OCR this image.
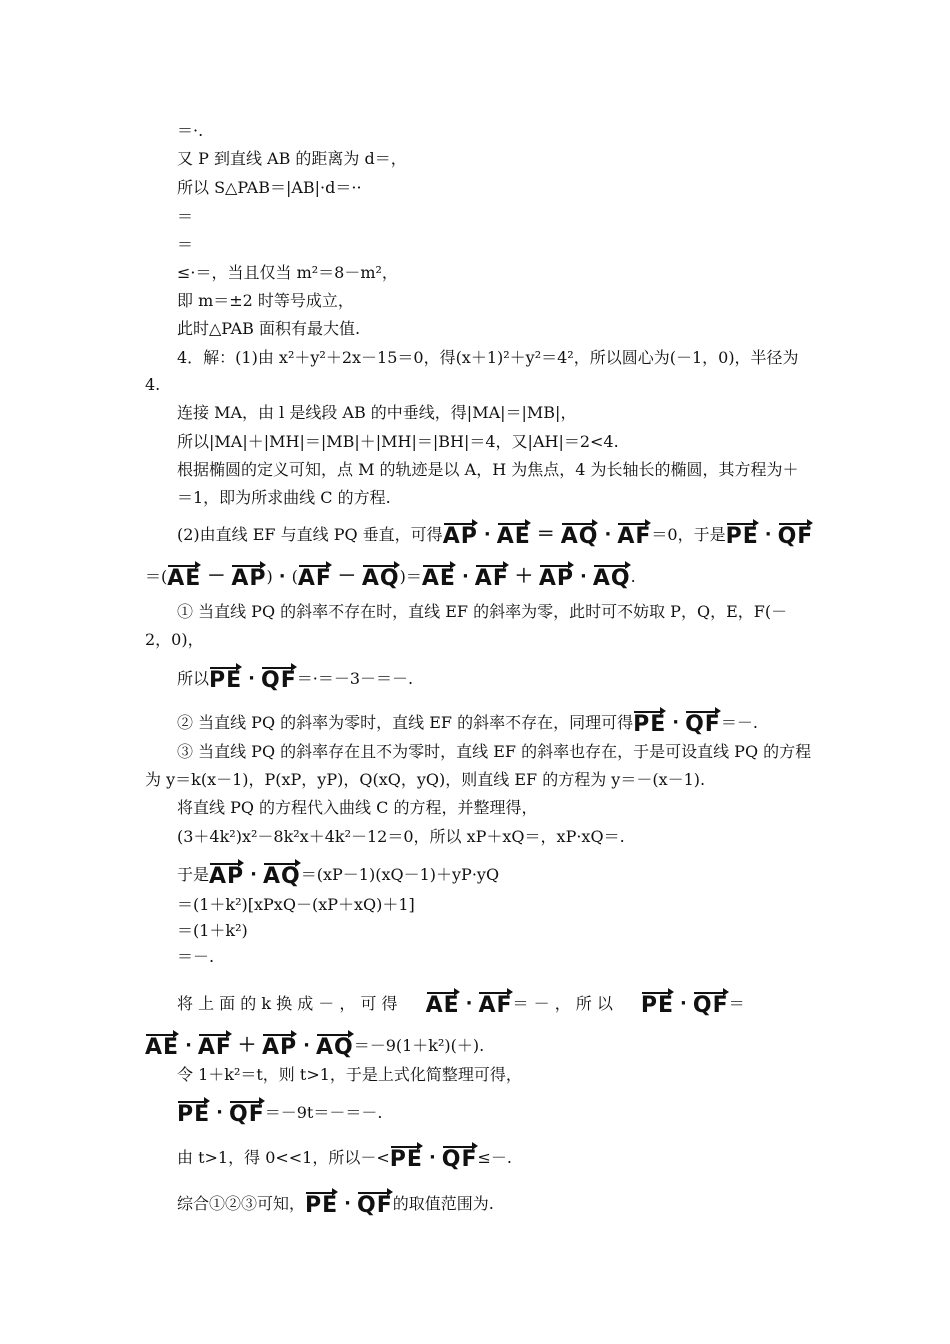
＝·.
又 P 到直线 AB 的距离为 d＝，
所以 S△PAB＝|AB|·d＝··
＝
＝
≤·＝，当且仅当 m²＝8－m²，
即 m＝±2 时等号成立，
此时△PAB 面积有最大值.
4．解：(1)由 x²＋y²＋2x－15＝0，得(x＋1)²＋y²＝4²，所以圆心为(－1，0)，半径为
4.
连接 MA，由 l 是线段 AB 的中垂线，得|MA|＝|MB|，
所以|MA|＋|MH|＝|MB|＋|MH|＝|BH|＝4，又|AH|＝2<4.
根据椭圆的定义可知，点 M 的轨迹是以 A，H 为焦点，4 为长轴长的椭圆，其方程为＋
＝1，即为所求曲线 C 的方程.
(2)由直线 EF 与直线 PQ 垂直，可得AP · AE ＝ AQ · AF＝0，于是PE · QF
＝(AE － AP) · (AF － AQ)＝AE · AF ＋ AP · AQ.
① 当直线 PQ 的斜率不存在时，直线 EF 的斜率为零，此时可不妨取 P，Q，E，F(－
2，0)，
所以PE · QF＝·＝－3－＝－.
② 当直线 PQ 的斜率为零时，直线 EF 的斜率不存在，同理可得PE · QF＝－.
③ 当直线 PQ 的斜率存在且不为零时，直线 EF 的斜率也存在，于是可设直线 PQ 的方程
为 y＝k(x－1)，P(xP，yP)，Q(xQ，yQ)，则直线 EF 的方程为 y＝－(x－1).
将直线 PQ 的方程代入曲线 C 的方程，并整理得，
(3＋4k²)x²－8k²x＋4k²－12＝0，所以 xP＋xQ＝，xP·xQ＝.
于是AP · AQ＝(xP－1)(xQ－1)＋yP·yQ
＝(1＋k²)[xPxQ－(xP＋xQ)＋1]
＝(1＋k²)
＝－.
将 上 面 的 k 换 成 － ， 可 得 AE · AF＝ － ， 所 以 PE · QF＝
AE · AF ＋ AP · AQ＝－9(1＋k²)(＋).
令 1＋k²＝t，则 t>1，于是上式化简整理可得，
PE · QF＝－9t＝－＝－.
由 t>1，得 0<<1，所以－<PE · QF≤－.
综合①②③可知，PE · QF的取值范围为.
